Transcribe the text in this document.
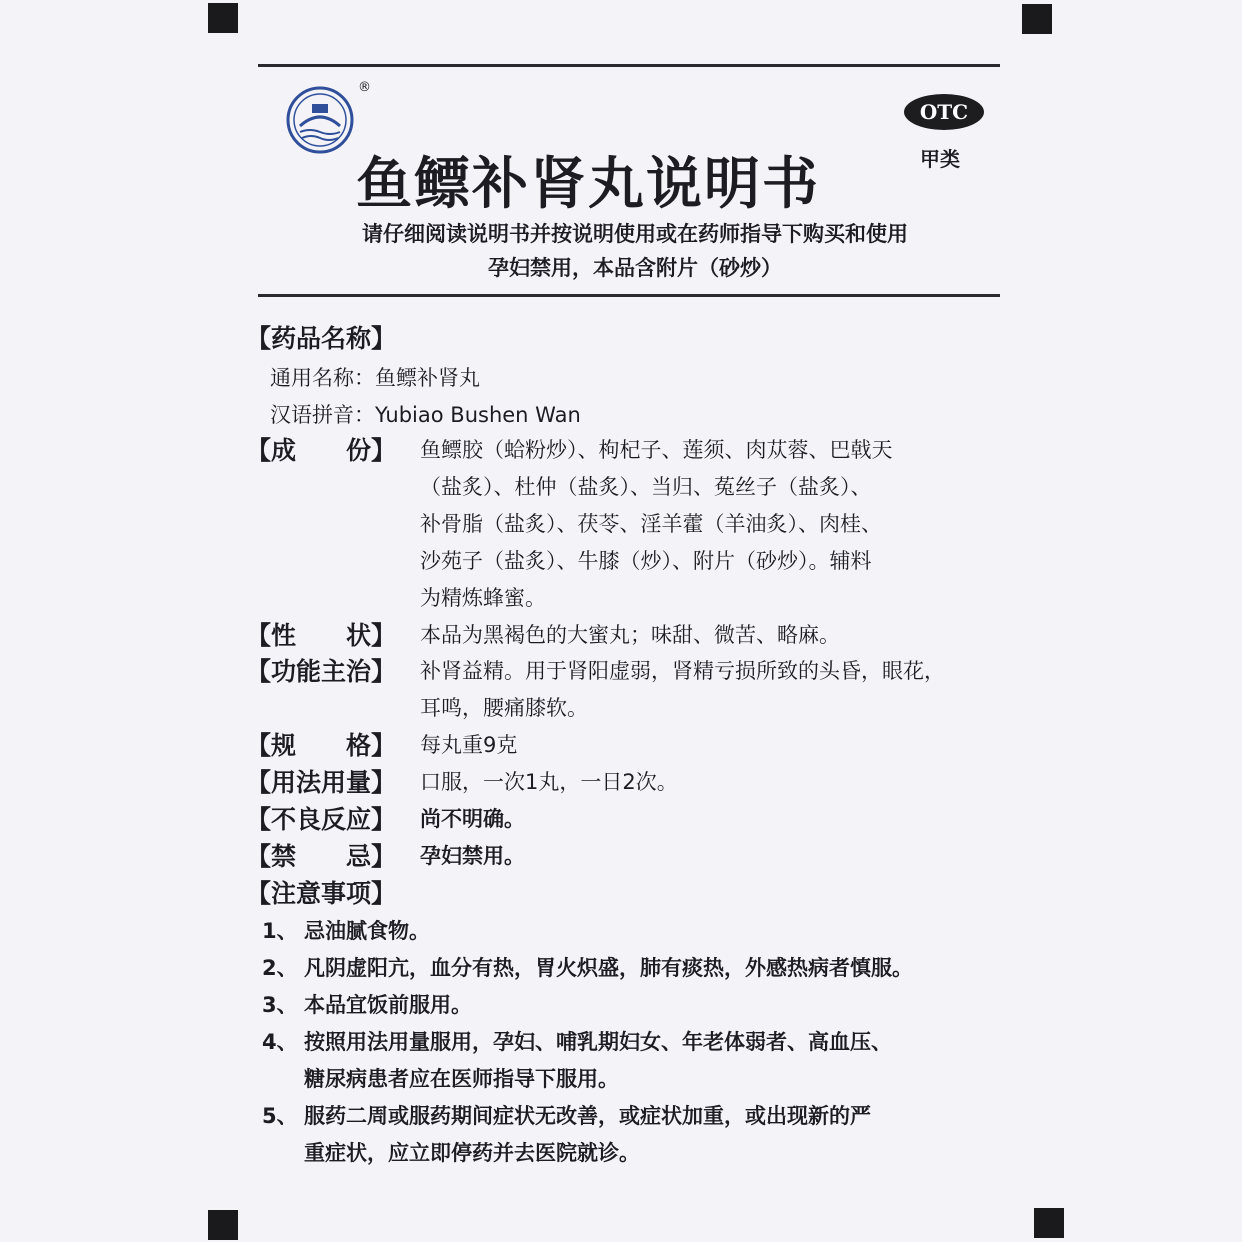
®
OTC
甲类
鱼鳔补肾丸说明书
请仔细阅读说明书并按说明使用或在药师指导下购买和使用
孕妇禁用，本品含附片（砂炒）
【药品名称】
通用名称：鱼鳔补肾丸
汉语拼音：Yubiao Bushen Wan
【成 份】 鱼鳔胶（蛤粉炒）、枸杞子、莲须、肉苁蓉、巴戟天
（盐炙）、杜仲（盐炙）、当归、菟丝子（盐炙）、
补骨脂（盐炙）、茯苓、淫羊藿（羊油炙）、肉桂、
沙苑子（盐炙）、牛膝（炒）、附片（砂炒）。辅料
为精炼蜂蜜。
【性 状】 本品为黑褐色的大蜜丸；味甜、微苦、略麻。
【功能主治】 补肾益精。用于肾阳虚弱，肾精亏损所致的头昏，眼花，
耳鸣，腰痛膝软。
【规 格】 每丸重9克
【用法用量】 口服，一次1丸，一日2次。
【不良反应】 尚不明确。
【禁 忌】 孕妇禁用。
【注意事项】
1、 忌油腻食物。
2、 凡阴虚阳亢，血分有热，胃火炽盛，肺有痰热，外感热病者慎服。
3、 本品宜饭前服用。
4、 按照用法用量服用，孕妇、哺乳期妇女、年老体弱者、高血压、
糖尿病患者应在医师指导下服用。
5、 服药二周或服药期间症状无改善，或症状加重，或出现新的严
重症状，应立即停药并去医院就诊。
